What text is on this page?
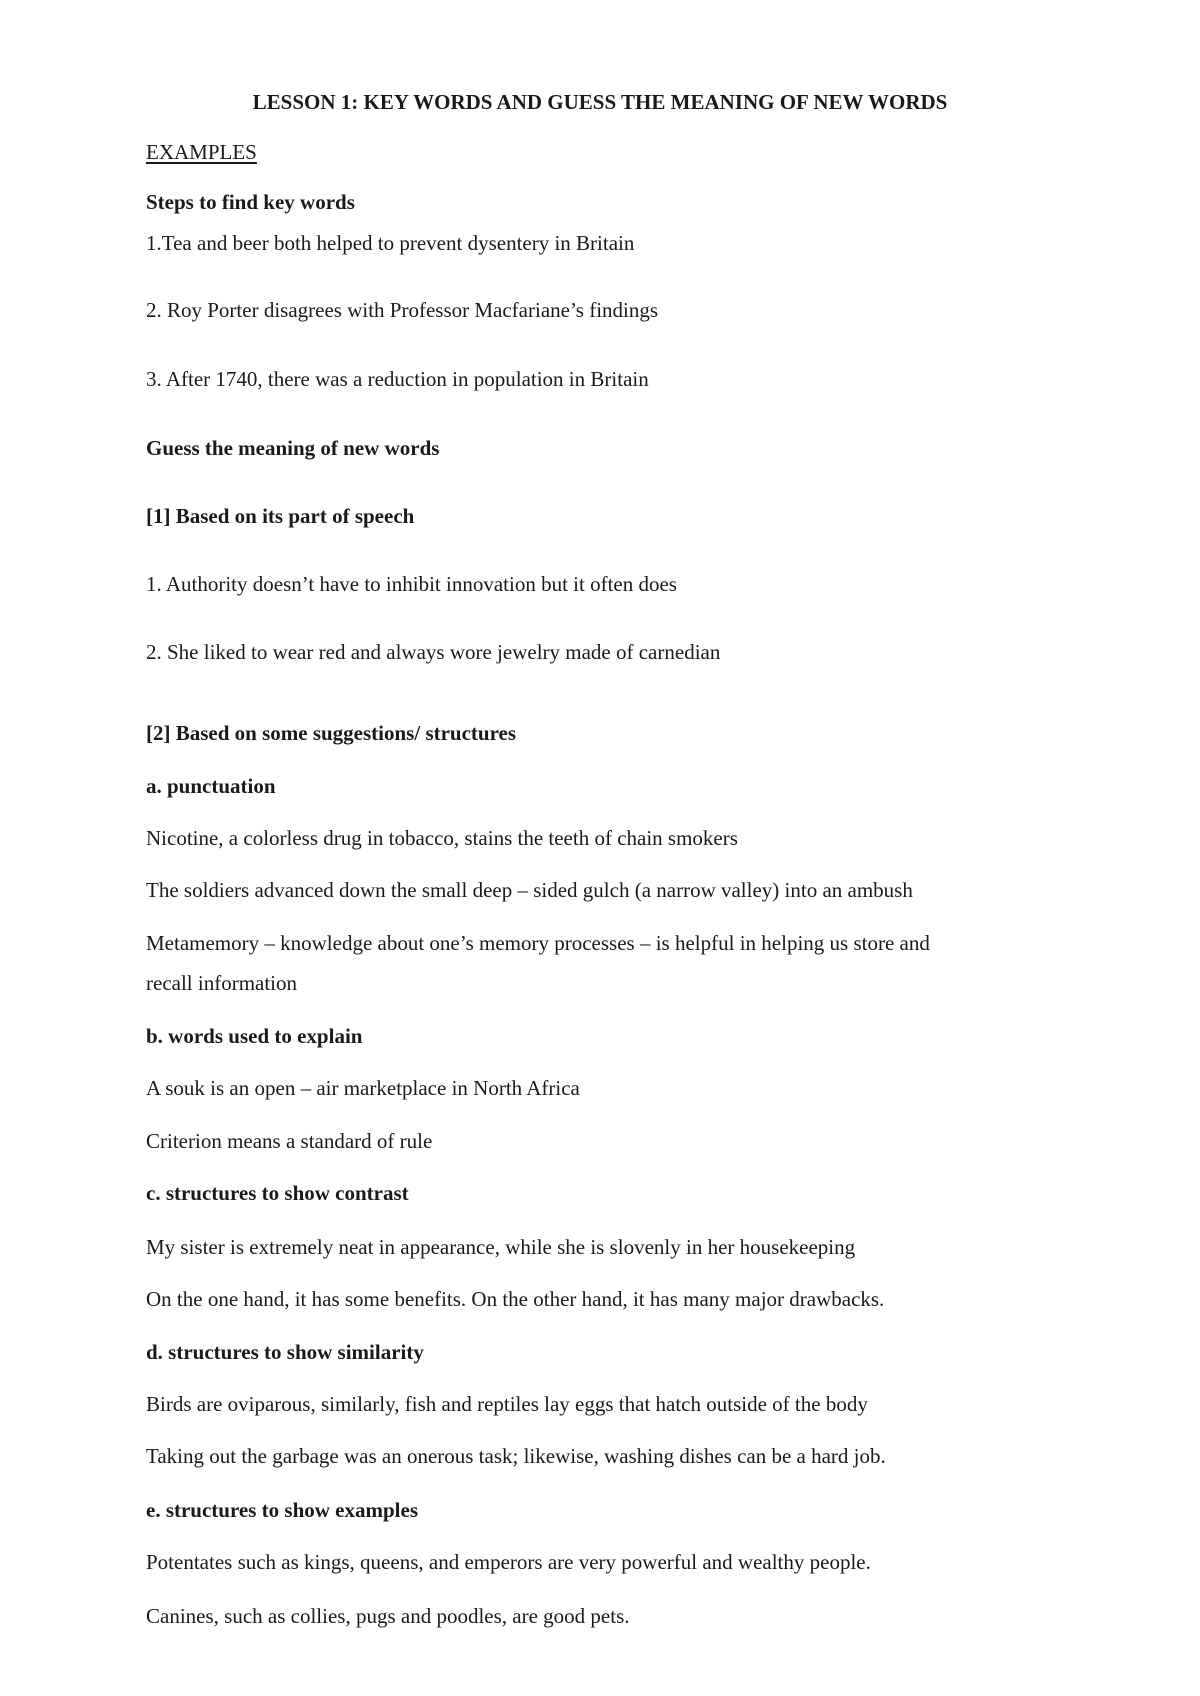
LESSON 1: KEY WORDS AND GUESS THE MEANING OF NEW WORDS
EXAMPLES
Steps to find key words
1.Tea and beer both helped to prevent dysentery in Britain
2. Roy Porter disagrees with Professor Macfariane’s findings
3. After 1740, there was a reduction in population in Britain
Guess the meaning of new words
[1] Based on its part of speech
1. Authority doesn’t have to inhibit innovation but it often does
2. She liked to wear red and always wore jewelry made of carnedian
[2] Based on some suggestions/ structures
a. punctuation
Nicotine, a colorless drug in tobacco, stains the teeth of chain smokers
The soldiers advanced down the small deep – sided gulch (a narrow valley) into an ambush
Metamemory – knowledge about one’s memory processes – is helpful in helping us store and
recall information
b. words used to explain
A souk is an open – air marketplace in North Africa
Criterion means a standard of rule
c. structures to show contrast
My sister is extremely neat in appearance, while she is slovenly in her housekeeping
On the one hand, it has some benefits. On the other hand, it has many major drawbacks.
d. structures to show similarity
Birds are oviparous, similarly, fish and reptiles lay eggs that hatch outside of the body
Taking out the garbage was an onerous task; likewise, washing dishes can be a hard job.
e. structures to show examples
Potentates such as kings, queens, and emperors are very powerful and wealthy people.
Canines, such as collies, pugs and poodles, are good pets.
